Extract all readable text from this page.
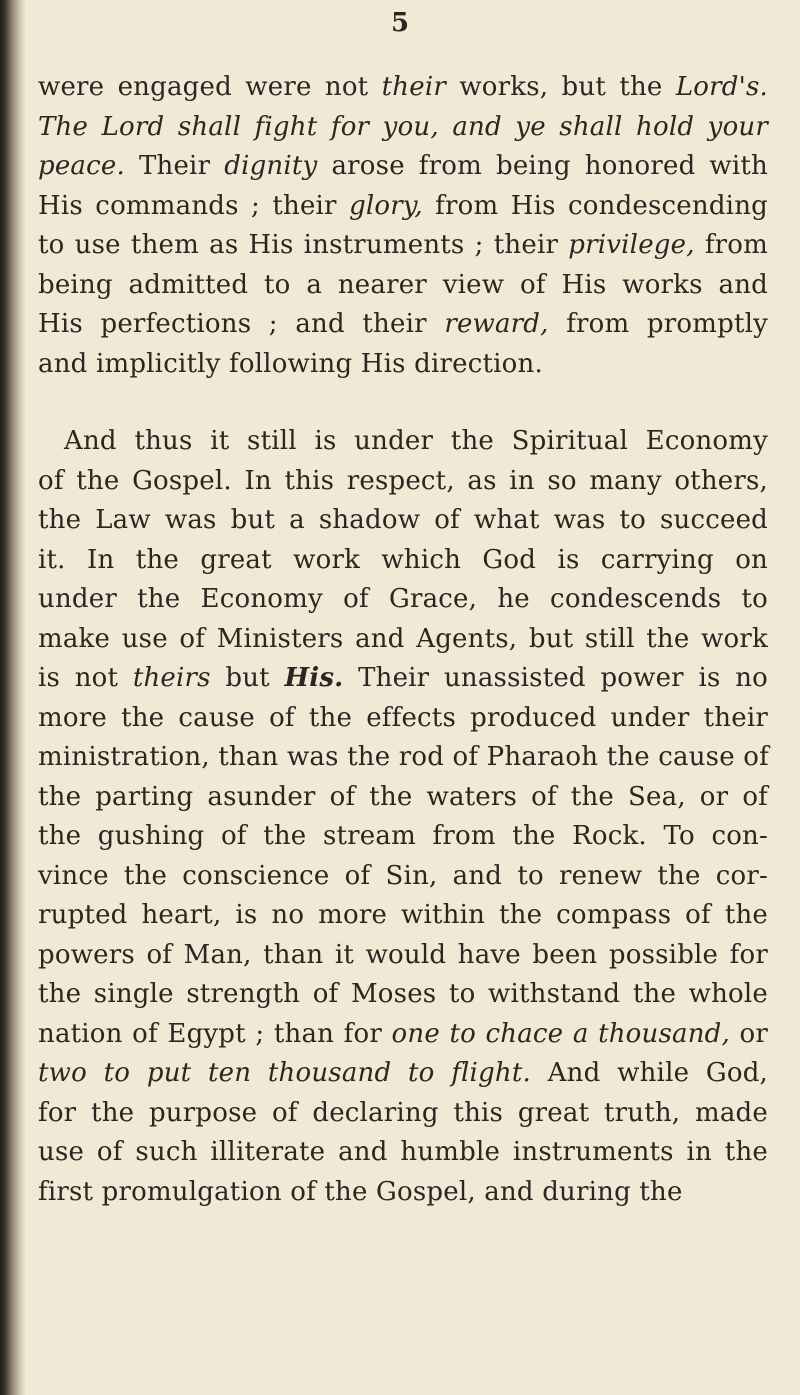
5
were engaged were not their works, but the Lord's.
The Lord shall fight for you, and ye shall hold your
peace. Their dignity arose from being honored with
His commands ; their glory, from His condescending
to use them as His instruments ; their privilege, from
being admitted to a nearer view of His works and
His perfections ; and their reward, from promptly
and implicitly following His direction.
And thus it still is under the Spiritual Economy
of the Gospel. In this respect, as in so many others,
the Law was but a shadow of what was to succeed
it. In the great work which God is carrying on
under the Economy of Grace, he condescends to
make use of Ministers and Agents, but still the work
is not theirs but His. Their unassisted power is no
more the cause of the effects produced under their
ministration, than was the rod of Pharaoh the cause of
the parting asunder of the waters of the Sea, or of
the gushing of the stream from the Rock. To con-
vince the conscience of Sin, and to renew the cor-
rupted heart, is no more within the compass of the
powers of Man, than it would have been possible for
the single strength of Moses to withstand the whole
nation of Egypt ; than for one to chace a thousand, or
two to put ten thousand to flight. And while God,
for the purpose of declaring this great truth, made
use of such illiterate and humble instruments in the
first promulgation of the Gospel, and during the
